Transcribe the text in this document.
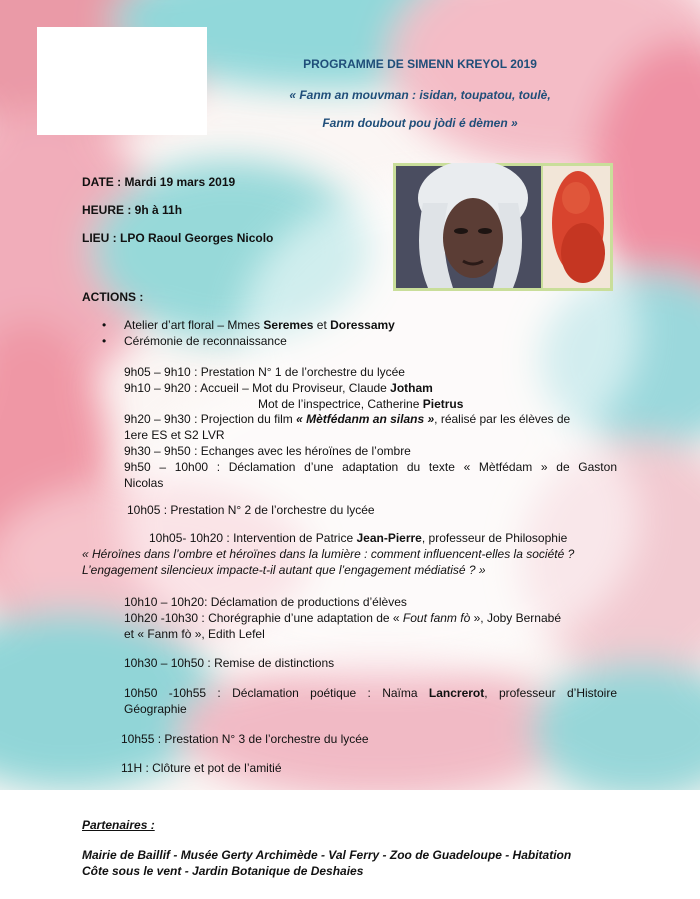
PROGRAMME DE SIMENN KREYOL 2019
« Fanm an mouvman : isidan, toupatou, toulè,
Fanm doubout pou jòdi é dèmen »
DATE : Mardi 19 mars 2019
HEURE : 9h à 11h
LIEU : LPO Raoul Georges Nicolo
ACTIONS :
• Atelier d’art floral – Mmes Seremes et Doressamy
• Cérémonie de reconnaissance
9h05 – 9h10 : Prestation N° 1 de l’orchestre du lycée
9h10 – 9h20 : Accueil – Mot du Proviseur, Claude Jotham
Mot de l’inspectrice, Catherine Pietrus
9h20 – 9h30 : Projection du film « Mètfédanm an silans », réalisé par les élèves de
1ere ES et S2 LVR
9h30 – 9h50 : Echanges avec les héroïnes de l’ombre
9h50 – 10h00 : Déclamation d’une adaptation du texte « Mètfédam » de Gaston
Nicolas
10h05 : Prestation N° 2 de l’orchestre du lycée
10h05- 10h20 : Intervention de Patrice Jean-Pierre, professeur de Philosophie
« Héroïnes dans l’ombre et héroïnes dans la lumière : comment influencent-elles la société ?
L’engagement silencieux impacte-t-il autant que l’engagement médiatisé ? »
10h10 – 10h20: Déclamation de productions d’élèves
10h20 -10h30 : Chorégraphie d’une adaptation de « Fout fanm fò », Joby Bernabé
et « Fanm fò », Edith Lefel
10h30 – 10h50 : Remise de distinctions
10h50 -10h55 : Déclamation poétique : Naïma Lancrerot, professeur d’Histoire
Géographie
10h55 : Prestation N° 3 de l’orchestre du lycée
11H : Clôture et pot de l’amitié
Partenaires :
Mairie de Baillif - Musée Gerty Archimède - Val Ferry - Zoo de Guadeloupe - Habitation
Côte sous le vent - Jardin Botanique de Deshaies
